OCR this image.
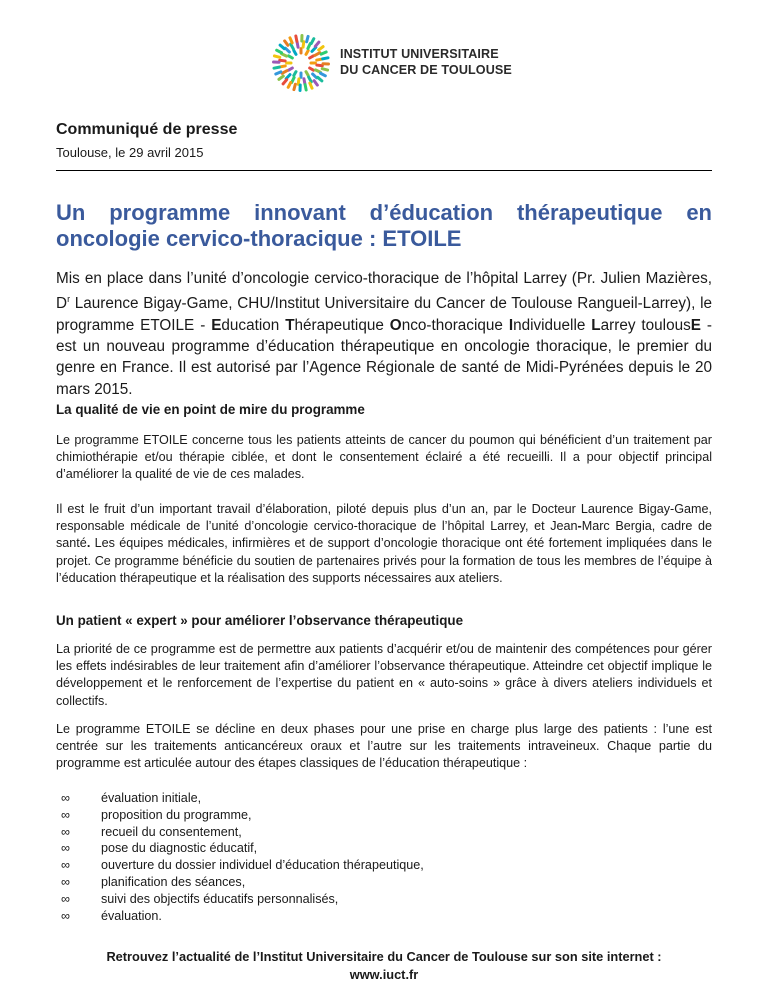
INSTITUT UNIVERSITAIRE
DU CANCER DE TOULOUSE
Communiqué de presse
Toulouse, le 29 avril 2015
Un programme innovant d’éducation thérapeutique en oncologie cervico-thoracique : ETOILE

Mis en place dans l’unité d’oncologie cervico-thoracique de l’hôpital Larrey (Pr. Julien Mazières, $D^r$ Laurence Bigay-Game, CHU/Institut Universitaire du Cancer de Toulouse Rangueil-Larrey), le programme ETOILE - Education Thérapeutique Onco-thoracique Individuelle Larrey toulousE - est un nouveau programme d’éducation thérapeutique en oncologie thoracique, le premier du genre en France. Il est autorisé par l’Agence Régionale de santé de Midi-Pyrénées depuis le 20 mars 2015.

La qualité de vie en point de mire du programme

Le programme ETOILE concerne tous les patients atteints de cancer du poumon qui bénéficient d’un traitement par chimiothérapie et/ou thérapie ciblée, et dont le consentement éclairé a été recueilli. Il a pour objectif principal d’améliorer la qualité de vie de ces malades.

Il est le fruit d’un important travail d’élaboration, piloté depuis plus d’un an, par le Docteur Laurence Bigay-Game, responsable médicale de l’unité d’oncologie cervico-thoracique de l’hôpital Larrey, et Jean-Marc Bergia, cadre de santé. Les équipes médicales, infirmières et de support d’oncologie thoracique ont été fortement impliquées dans le projet. Ce programme bénéficie du soutien de partenaires privés pour la formation de tous les membres de l’équipe à l’éducation thérapeutique et la réalisation des supports nécessaires aux ateliers.

Un patient « expert » pour améliorer l’observance thérapeutique

La priorité de ce programme est de permettre aux patients d’acquérir et/ou de maintenir des compétences pour gérer les effets indésirables de leur traitement afin d’améliorer l’observance thérapeutique. Atteindre cet objectif implique le développement et le renforcement de l’expertise du patient en « auto-soins » grâce à divers ateliers individuels et collectifs.

Le programme ETOILE se décline en deux phases pour une prise en charge plus large des patients : l’une est centrée sur les traitements anticancéreux oraux et l’autre sur les traitements intraveineux. Chaque partie du programme est articulée autour des étapes classiques de l’éducation thérapeutique :

∞ évaluation initiale,
∞ proposition du programme,
∞ recueil du consentement,
∞ pose du diagnostic éducatif,
∞ ouverture du dossier individuel d’éducation thérapeutique,
∞ planification des séances,
∞ suivi des objectifs éducatifs personnalisés,
∞ évaluation.
Retrouvez l’actualité de l’Institut Universitaire du Cancer de Toulouse sur son site internet :
www.iuct.fr
